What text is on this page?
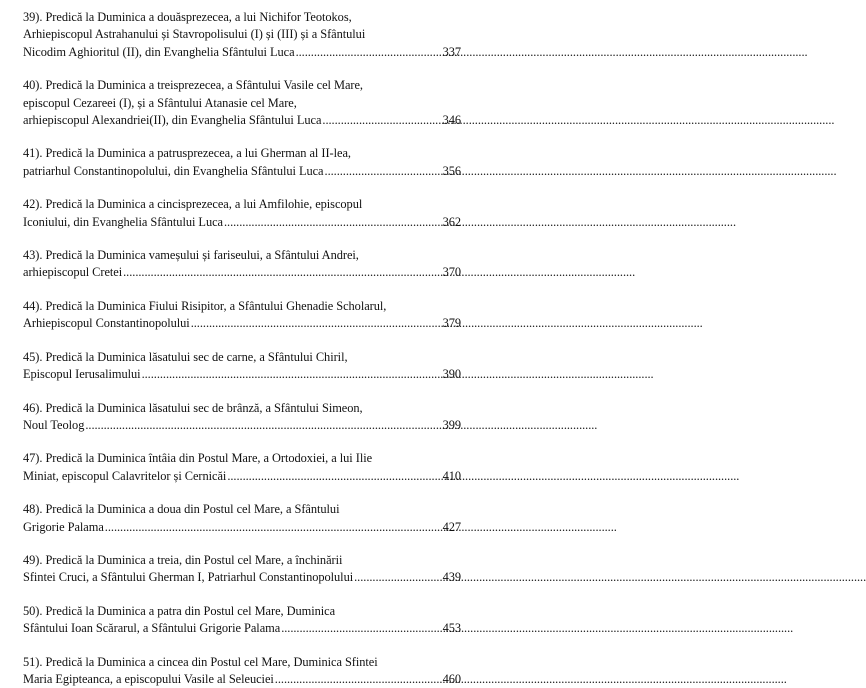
39). Predică la Duminica a douăsprezecea, a lui Nichifor Teotokos,
Arhiepiscopul Astrahanului și Stavropolisului (I) și (III) și a Sfântului
Nicodim Aghioritul (II), din Evanghelia Sfântului Luca .....	337
40). Predică la Duminica a treisprezecea, a Sfântului Vasile cel Mare,
episcopul Cezareei (I), și a Sfântului Atanasie cel Mare,
arhiepiscopul Alexandriei(II), din Evanghelia Sfântului Luca .....	346
41). Predică la Duminica a patrusprezecea, a lui Gherman al II-lea,
patriarhul Constantinopolului, din Evanghelia Sfântului Luca .....	356
42). Predică la Duminica a cincisprezecea, a lui Amfilohie, episcopul
Iconiului, din Evanghelia Sfântului Luca .....	362
43). Predică la Duminica vameșului și fariseului, a Sfântului Andrei,
arhiepiscopul Cretei .....	370
44). Predică la Duminica Fiului Risipitor, a Sfântului Ghenadie Scholarul,
Arhiepiscopul Constantinopolului .....	379
45). Predică la Duminica lăsatului sec de carne, a Sfântului Chiril,
Episcopul Ierusalimului .....	390
46). Predică la Duminica lăsatului sec de brânză, a Sfântului Simeon,
Noul Teolog .....	399
47). Predică la Duminica întâia din Postul Mare, a Ortodoxiei, a lui Ilie
Miniat, episcopul Calavritelor și Cernicăi .....	410
48). Predică la Duminica a doua din Postul cel Mare, a Sfântului
Grigorie Palama .....	427
49). Predică la Duminica a treia, din Postul cel Mare, a închinării
Sfintei Cruci, a Sfântului Gherman I, Patriarhul Constantinopolului .....	439
50). Predică la Duminica a patra din Postul cel Mare, Duminica
Sfântului Ioan Scărarul, a Sfântului Grigorie Palama .....	453
51). Predică la Duminica a cincea din Postul cel Mare, Duminica Sfintei
Maria Egipteanca, a episcopului Vasile al Seleuciei .....	460
